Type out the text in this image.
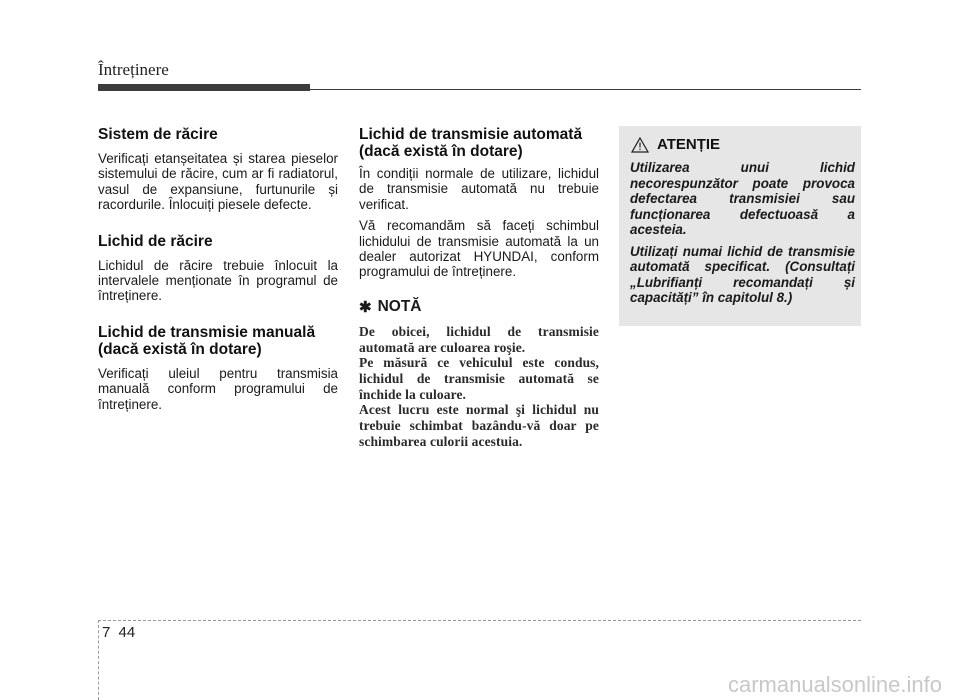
Întreținere
Sistem de răcire

Verificați etanșeitatea și starea pieselor sistemului de răcire, cum ar fi radiatorul, vasul de expansiune, furtunurile și racordurile. Înlocuiți piesele defecte.

Lichid de răcire

Lichidul de răcire trebuie înlocuit la intervalele menționate în programul de întreținere.

Lichid de transmisie manuală (dacă există în dotare)

Verificați uleiul pentru transmisia manuală conform programului de întreținere.

Lichid de transmisie automată (dacă există în dotare)

În condiții normale de utilizare, lichidul de transmisie automată nu trebuie verificat.

Vă recomandăm să faceți schimbul lichidului de transmisie automată la un dealer autorizat HYUNDAI, conform programului de întreținere.

✱ NOTĂ
De obicei, lichidul de transmisie automată are culoarea roşie.
Pe măsură ce vehiculul este condus, lichidul de transmisie automată se închide la culoare.
Acest lucru este normal şi lichidul nu trebuie schimbat bazându-vă doar pe schimbarea culorii acestuia.
ATENȚIE
Utilizarea unui lichid necorespunzător poate provoca defectarea transmisiei sau funcționarea defectuoasă a acesteia.
Utilizați numai lichid de transmisie automată specificat. (Consultați „Lubrifianți recomandați și capacități” în capitolul 8.)
7 44
carmanualsonline.info
